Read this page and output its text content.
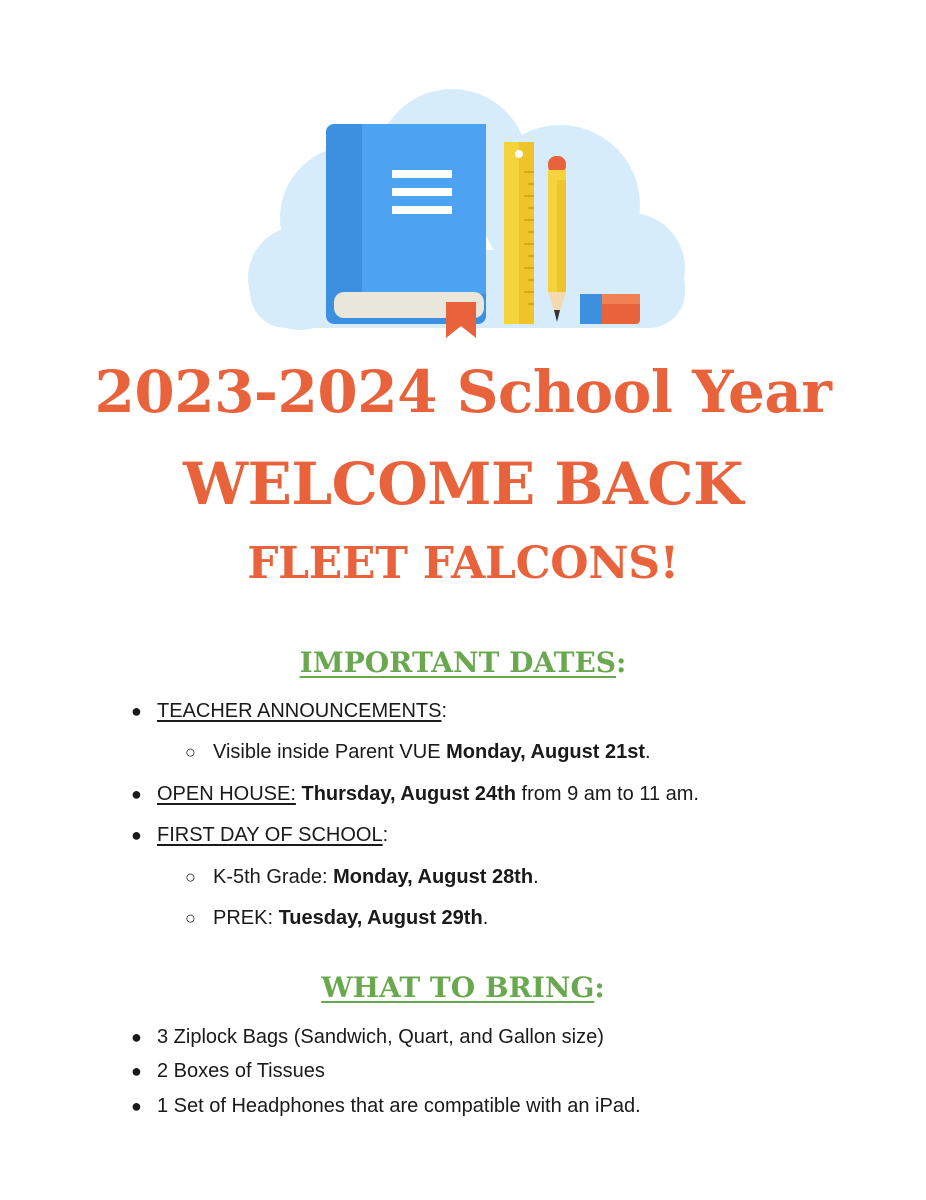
2023-2024 School Year
WELCOME BACK
FLEET FALCONS!
IMPORTANT DATES:

● TEACHER ANNOUNCEMENTS:

○ Visible inside Parent VUE Monday, August 21st.

● OPEN HOUSE: Thursday, August 24th from 9 am to 11 am.

● FIRST DAY OF SCHOOL:

○ K-5th Grade: Monday, August 28th.

○ PREK: Tuesday, August 29th.

WHAT TO BRING:

● 3 Ziplock Bags (Sandwich, Quart, and Gallon size)

● 2 Boxes of Tissues

● 1 Set of Headphones that are compatible with an iPad.
